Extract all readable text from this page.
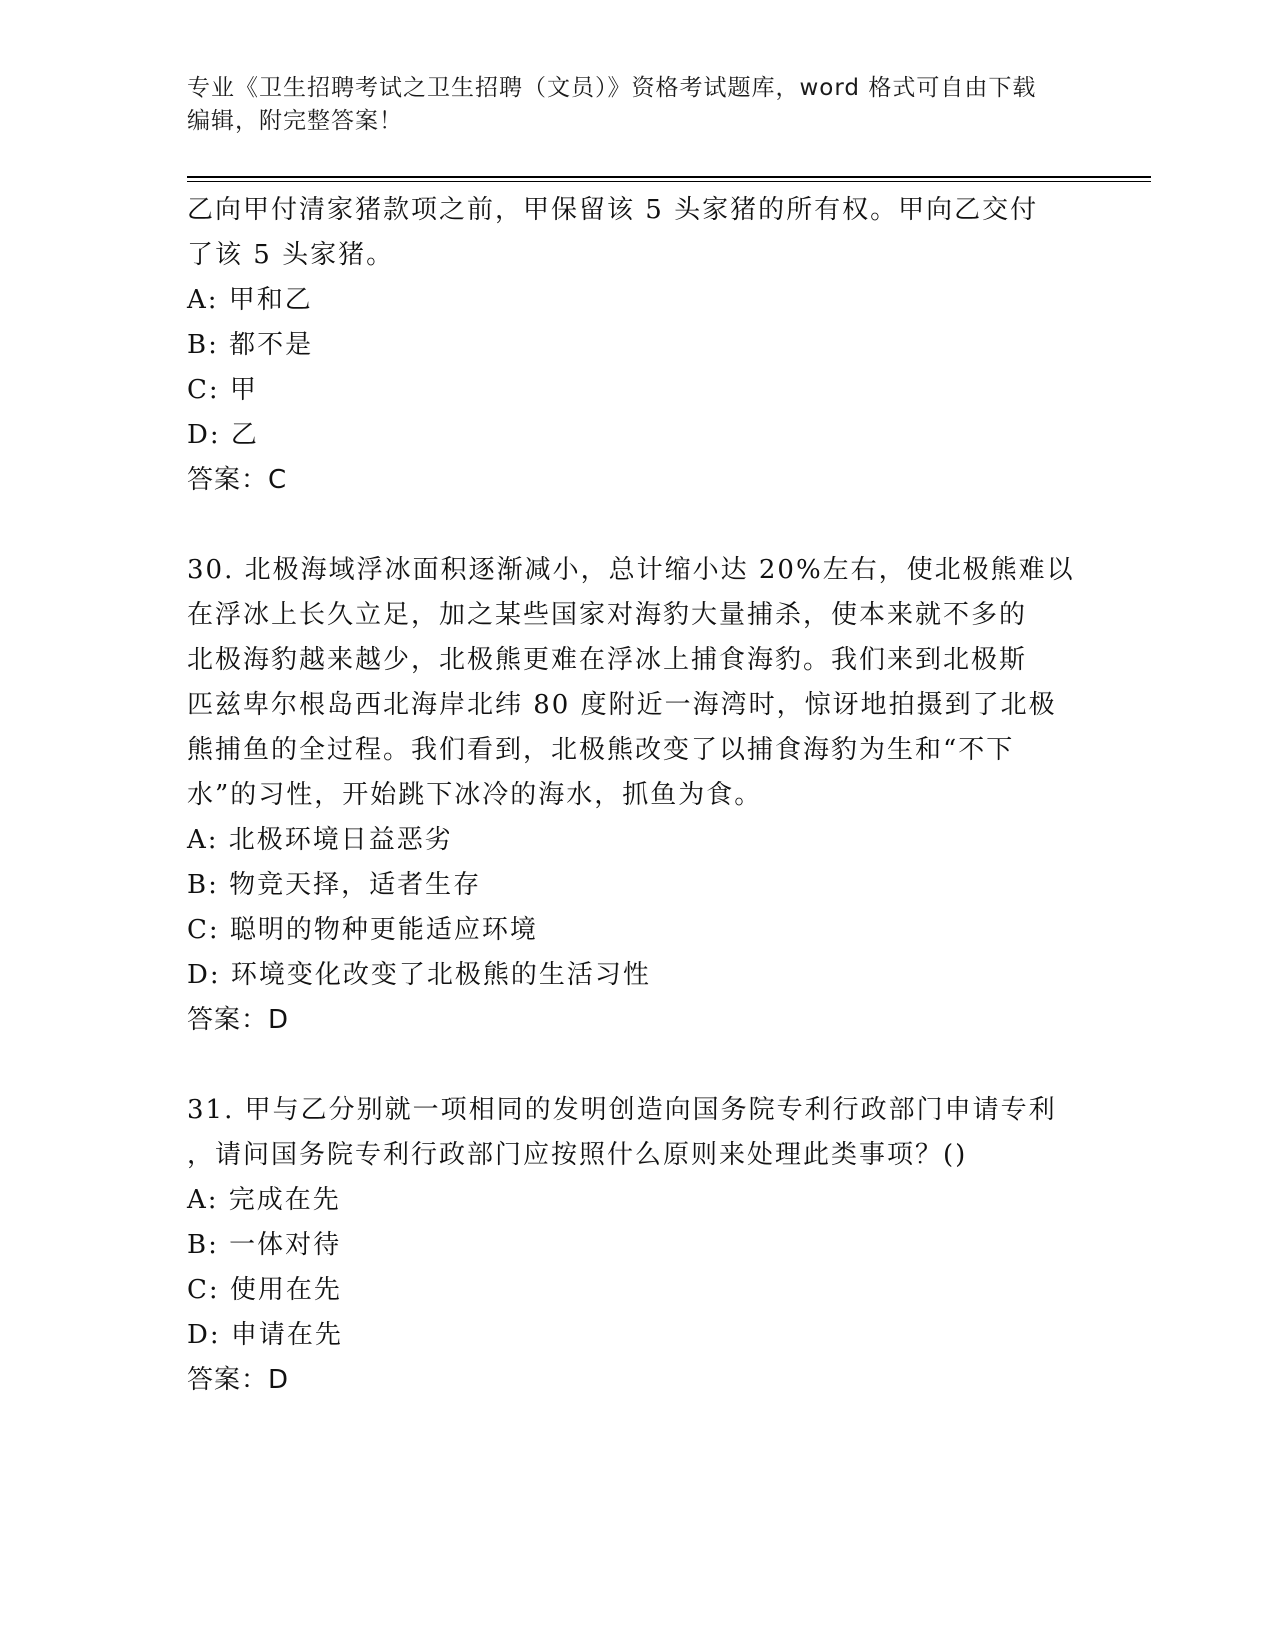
专业《卫生招聘考试之卫生招聘（文员）》资格考试题库，word 格式可自由下载
编辑，附完整答案！
乙向甲付清家猪款项之前，甲保留该 5 头家猪的所有权。甲向乙交付
了该 5 头家猪。
A: 甲和乙
B: 都不是
C: 甲
D: 乙
答案：C
30. 北极海域浮冰面积逐渐减小，总计缩小达 20%左右，使北极熊难以
在浮冰上长久立足，加之某些国家对海豹大量捕杀，使本来就不多的
北极海豹越来越少，北极熊更难在浮冰上捕食海豹。我们来到北极斯
匹兹卑尔根岛西北海岸北纬 80 度附近一海湾时，惊讶地拍摄到了北极
熊捕鱼的全过程。我们看到，北极熊改变了以捕食海豹为生和“不下
水”的习性，开始跳下冰冷的海水，抓鱼为食。
A: 北极环境日益恶劣
B: 物竞天择，适者生存
C: 聪明的物种更能适应环境
D: 环境变化改变了北极熊的生活习性
答案：D
31. 甲与乙分别就一项相同的发明创造向国务院专利行政部门申请专利
，请问国务院专利行政部门应按照什么原则来处理此类事项？()
A: 完成在先
B: 一体对待
C: 使用在先
D: 申请在先
答案：D
